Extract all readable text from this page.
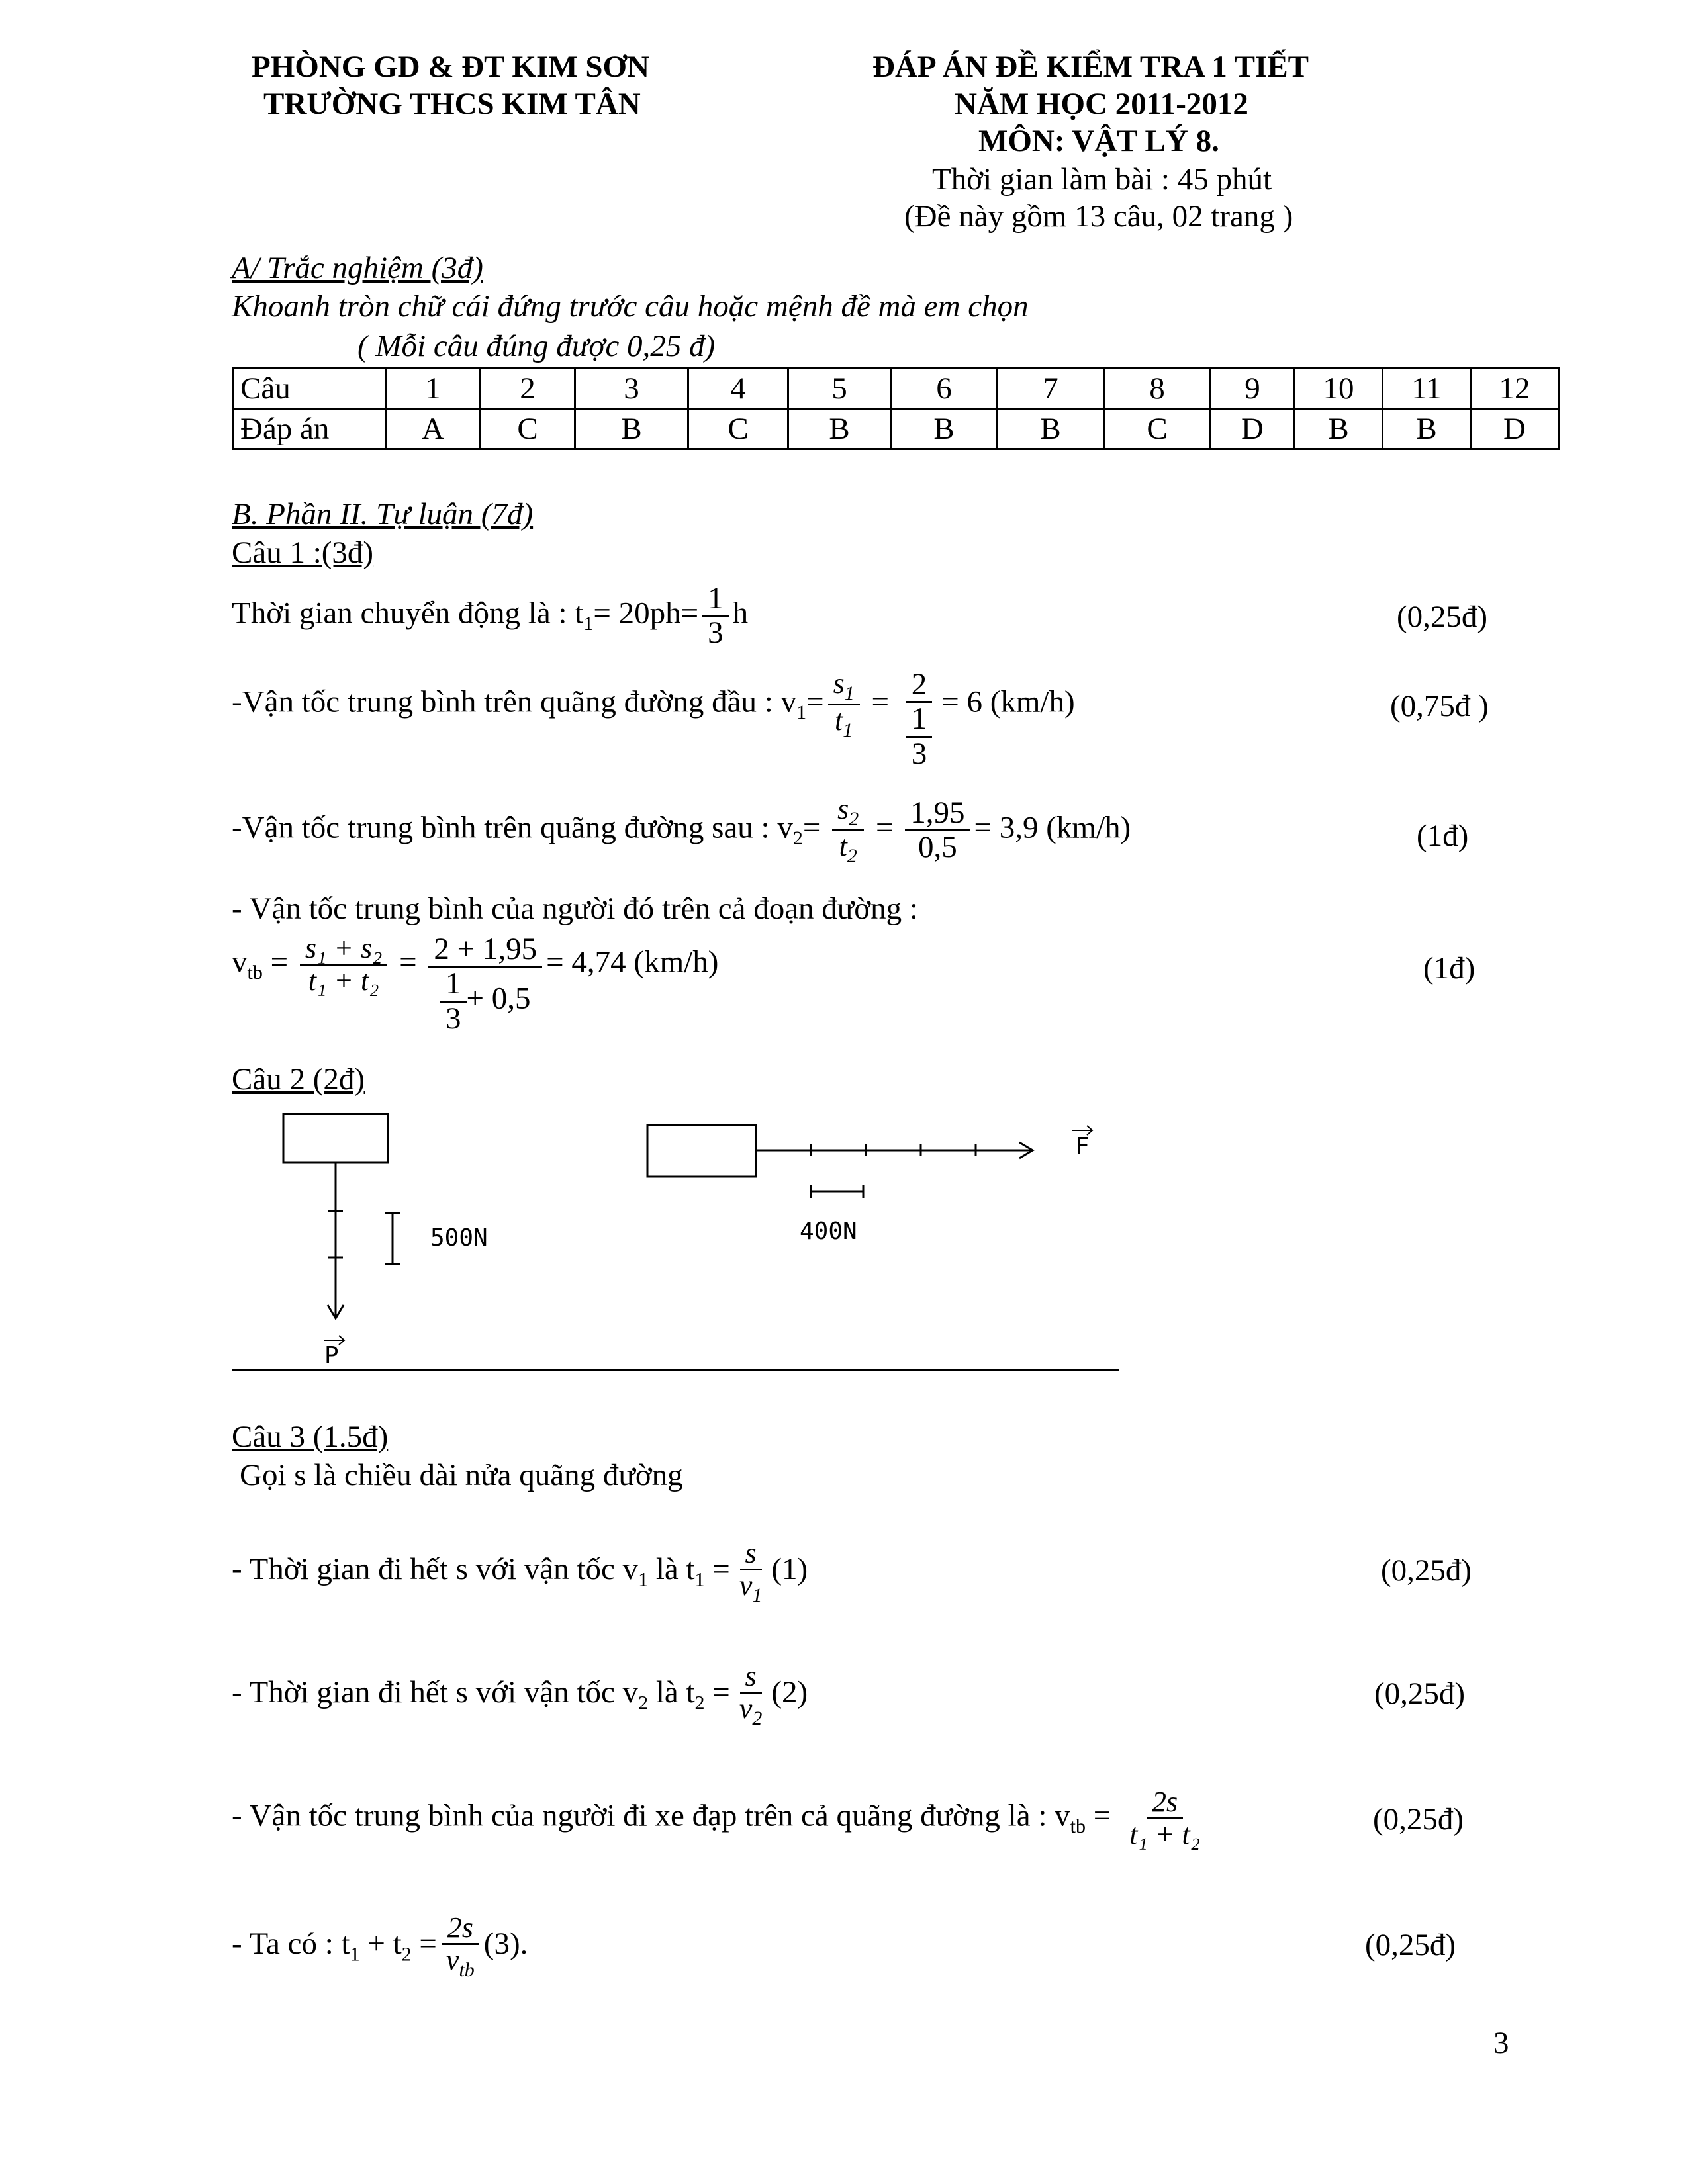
PHÒNG GD & ĐT KIM SƠN
TRƯỜNG THCS KIM TÂN
ĐÁP ÁN ĐỀ KIỂM TRA 1 TIẾT
NĂM HỌC 2011-2012
MÔN: VẬT LÝ 8.
Thời gian làm bài : 45 phút
(Đề này gồm 13 câu, 02 trang )
A/ Trắc nghiệm (3đ)
Khoanh tròn chữ cái đứng trước câu hoặc mệnh đề mà em chọn
( Mỗi câu đúng được 0,25 đ)
Câu	1	2	3	4	5	6	7	8	9	10	11	12
Đáp án	A	C	B	C	B	B	B	C	D	B	B	D
B. Phần II. Tự luận (7đ)
Câu 1 :(3đ)
Thời gian chuyển động là : $t_1= 20ph= \frac{1}{3}$ h	(0,25đ)
-Vận tốc trung bình trên quãng đường đầu : $v_1= \frac{s_1}{t_1} = \frac{2}{\frac{1}{3}} = 6$ (km/h)	(0,75đ )
-Vận tốc trung bình trên quãng đường sau : $v_2= \frac{s_2}{t_2} = \frac{1,95}{0,5} = 3,9$ (km/h)	(1đ)
- Vận tốc trung bình của người đó trên cả đoạn đường :
$v_{tb} = \frac{\text{s₁ + s₂}}{\text{t₁ + t₂}} = \frac{2 + 1,95}{\frac{1}{3} + 0,5} = 4,74$ (km/h)	(1đ)
Câu 2 (2đ)
500N	400N
F
P
Câu 3 (1.5đ)
Gọi s là chiều dài nửa quãng đường
- Thời gian đi hết s với vận tốc $v_1$ là $t_1 = \frac{s}{v_1} (1)$	(0,25đ)
- Thời gian đi hết s với vận tốc $v_2$ là $t_2 = \frac{s}{v_2} (2)$	(0,25đ)
- Vận tốc trung bình của người đi xe đạp trên cả quãng đường là : $v_{tb} = \frac{2s}{\text{t₁ + t₂}}$	(0,25đ)
- Ta có : $t_1 + t_2 = \frac{2s}{v_{tb}} (3)$.	(0,25đ)
3
